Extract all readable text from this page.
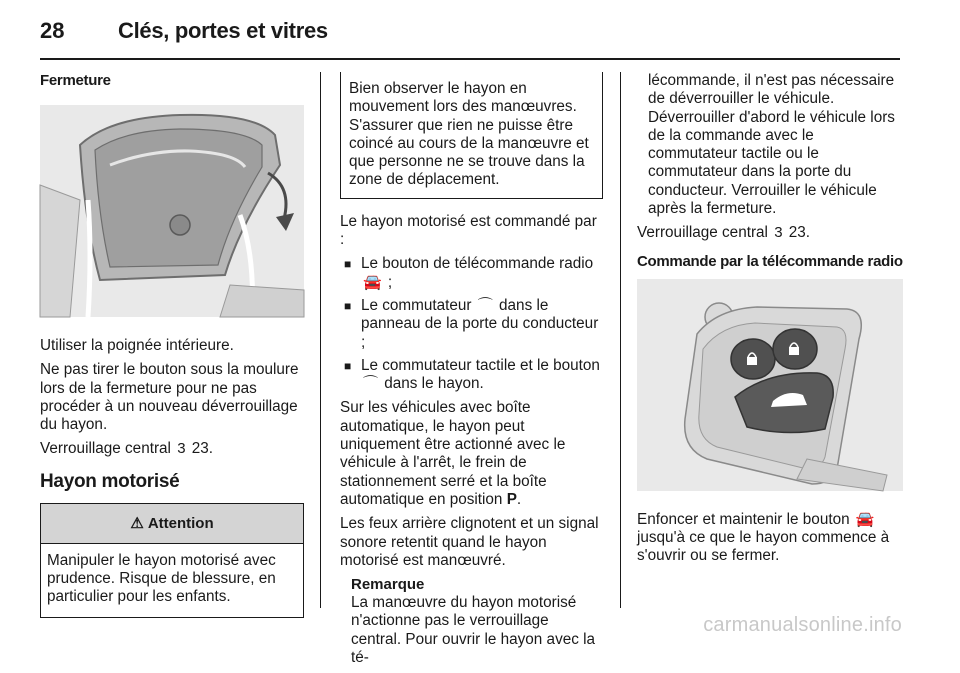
28 Clés, portes et vitres
Fermeture

Utiliser la poignée intérieure.

Ne pas tirer le bouton sous la moulure lors de la fermeture pour ne pas procéder à un nouveau déverrouillage du hayon.

Verrouillage central 3 23.

Hayon motorisé
⚠ Attention
Manipuler le hayon motorisé avec prudence. Risque de blessure, en particulier pour les enfants.
Bien observer le hayon en mouvement lors des manœuvres. S'assurer que rien ne puisse être coincé au cours de la manœuvre et que personne ne se trouve dans la zone de déplacement.

Le hayon motorisé est commandé par :

■ Le bouton de télécommande radio 🚘 ;
■ Le commutateur ⌒ dans le panneau de la porte du conducteur ;
■ Le commutateur tactile et le bouton ⌒ dans le hayon.

Sur les véhicules avec boîte automatique, le hayon peut uniquement être actionné avec le véhicule à l'arrêt, le frein de stationnement serré et la boîte automatique en position P.

Les feux arrière clignotent et un signal sonore retentit quand le hayon motorisé est manœuvré.

Remarque

La manœuvre du hayon motorisé n'actionne pas le verrouillage central. Pour ouvrir le hayon avec la té-

lécommande, il n'est pas nécessaire de déverrouiller le véhicule. Déverrouiller d'abord le véhicule lors de la commande avec le commutateur tactile ou le commutateur dans la porte du conducteur. Verrouiller le véhicule après la fermeture.

Verrouillage central 3 23.

Commande par la télécommande radio

Enfoncer et maintenir le bouton 🚘 jusqu'à ce que le hayon commence à s'ouvrir ou se fermer.

carmanualsonline.info
